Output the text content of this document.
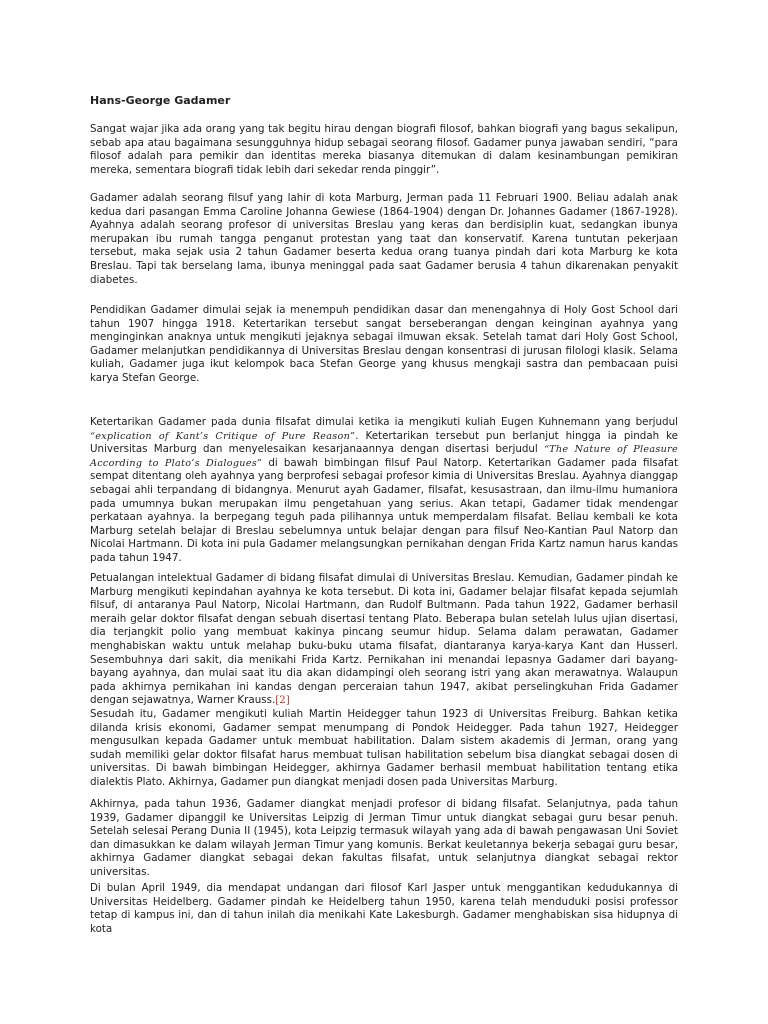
Hans-George Gadamer

Sangat wajar jika ada orang yang tak begitu hirau dengan biografi filosof, bahkan biografi yang bagus sekalipun, sebab apa atau bagaimana sesungguhnya hidup sebagai seorang filosof. Gadamer punya jawaban sendiri, “para filosof adalah para pemikir dan identitas mereka biasanya ditemukan di dalam kesinambungan pemikiran mereka, sementara biografi tidak lebih dari sekedar renda pinggir”.

Gadamer adalah seorang filsuf yang lahir di kota Marburg, Jerman pada 11 Februari 1900. Beliau adalah anak kedua dari pasangan Emma Caroline Johanna Gewiese (1864-1904) dengan Dr. Johannes Gadamer (1867-1928). Ayahnya adalah seorang profesor di universitas Breslau yang keras dan berdisiplin kuat, sedangkan ibunya merupakan ibu rumah tangga penganut protestan yang taat dan konservatif. Karena tuntutan pekerjaan tersebut, maka sejak usia 2 tahun Gadamer beserta kedua orang tuanya pindah dari kota Marburg ke kota Breslau. Tapi tak berselang lama, ibunya meninggal pada saat Gadamer berusia 4 tahun dikarenakan penyakit diabetes.

Pendidikan Gadamer dimulai sejak ia menempuh pendidikan dasar dan menengahnya di Holy Gost School dari tahun 1907 hingga 1918. Ketertarikan tersebut sangat berseberangan dengan keinginan ayahnya yang menginginkan anaknya untuk mengikuti jejaknya sebagai ilmuwan eksak. Setelah tamat dari Holy Gost School, Gadamer melanjutkan pendidikannya di Universitas Breslau dengan konsentrasi di jurusan filologi klasik. Selama kuliah, Gadamer juga ikut kelompok baca Stefan George yang khusus mengkaji sastra dan pembacaan puisi karya Stefan George.

Ketertarikan Gadamer pada dunia filsafat dimulai ketika ia mengikuti kuliah Eugen Kuhnemann yang berjudul “explication of Kant’s Critique of Pure Reason”. Ketertarikan tersebut pun berlanjut hingga ia pindah ke Universitas Marburg dan menyelesaikan kesarjanaannya dengan disertasi berjudul “The Nature of Pleasure According to Plato’s Dialogues” di bawah bimbingan filsuf Paul Natorp. Ketertarikan Gadamer pada filsafat sempat ditentang oleh ayahnya yang berprofesi sebagai profesor kimia di Universitas Breslau. Ayahnya dianggap sebagai ahli terpandang di bidangnya. Menurut ayah Gadamer, filsafat, kesusastraan, dan ilmu-ilmu humaniora pada umumnya bukan merupakan ilmu pengetahuan yang serius. Akan tetapi, Gadamer tidak mendengar perkataan ayahnya. Ia berpegang teguh pada pilihannya untuk memperdalam filsafat. Beliau kembali ke kota Marburg setelah belajar di Breslau sebelumnya untuk belajar dengan para filsuf Neo-Kantian Paul Natorp dan Nicolai Hartmann. Di kota ini pula Gadamer melangsungkan pernikahan dengan Frida Kartz namun harus kandas pada tahun 1947.

Petualangan intelektual Gadamer di bidang filsafat dimulai di Universitas Breslau. Kemudian, Gadamer pindah ke Marburg mengikuti kepindahan ayahnya ke kota tersebut. Di kota ini, Gadamer belajar filsafat kepada sejumlah filsuf, di antaranya Paul Natorp, Nicolai Hartmann, dan Rudolf Bultmann. Pada tahun 1922, Gadamer berhasil meraih gelar doktor filsafat dengan sebuah disertasi tentang Plato. Beberapa bulan setelah lulus ujian disertasi, dia terjangkit polio yang membuat kakinya pincang seumur hidup. Selama dalam perawatan, Gadamer menghabiskan waktu untuk melahap buku-buku utama filsafat, diantaranya karya-karya Kant dan Husserl. Sesembuhnya dari sakit, dia menikahi Frida Kartz. Pernikahan ini menandai lepasnya Gadamer dari bayang-bayang ayahnya, dan mulai saat itu dia akan didampingi oleh seorang istri yang akan merawatnya. Walaupun pada akhirnya pernikahan ini kandas dengan perceraian tahun 1947, akibat perselingkuhan Frida Gadamer dengan sejawatnya, Warner Krauss.[2]
Sesudah itu, Gadamer mengikuti kuliah Martin Heidegger tahun 1923 di Universitas Freiburg. Bahkan ketika dilanda krisis ekonomi, Gadamer sempat menumpang di Pondok Heidegger. Pada tahun 1927, Heidegger mengusulkan kepada Gadamer untuk membuat habilitation. Dalam sistem akademis di Jerman, orang yang sudah memiliki gelar doktor filsafat harus membuat tulisan habilitation sebelum bisa diangkat sebagai dosen di universitas. Di bawah bimbingan Heidegger, akhirnya Gadamer berhasil membuat habilitation tentang etika dialektis Plato. Akhirnya, Gadamer pun diangkat menjadi dosen pada Universitas Marburg.

Akhirnya, pada tahun 1936, Gadamer diangkat menjadi profesor di bidang filsafat. Selanjutnya, pada tahun 1939, Gadamer dipanggil ke Universitas Leipzig di Jerman Timur untuk diangkat sebagai guru besar penuh. Setelah selesai Perang Dunia II (1945), kota Leipzig termasuk wilayah yang ada di bawah pengawasan Uni Soviet dan dimasukkan ke dalam wilayah Jerman Timur yang komunis. Berkat keuletannya bekerja sebagai guru besar, akhirnya Gadamer diangkat sebagai dekan fakultas filsafat, untuk selanjutnya diangkat sebagai rektor universitas.

Di bulan April 1949, dia mendapat undangan dari filosof Karl Jasper untuk menggantikan kedudukannya di Universitas Heidelberg. Gadamer pindah ke Heidelberg tahun 1950, karena telah menduduki posisi professor tetap di kampus ini, dan di tahun inilah dia menikahi Kate Lakesburgh. Gadamer menghabiskan sisa hidupnya di kota
